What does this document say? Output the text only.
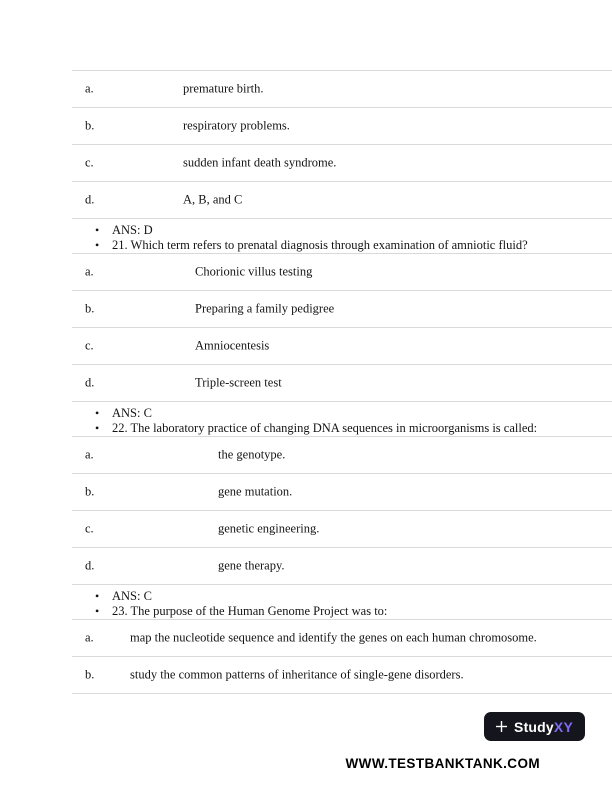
a.	premature birth.
b.	respiratory problems.
c.	sudden infant death syndrome.
d.	A, B, and C
• ANS: D
• 21. Which term refers to prenatal diagnosis through examination of amniotic fluid?
a.	Chorionic villus testing
b.	Preparing a family pedigree
c.	Amniocentesis
d.	Triple-screen test
• ANS: C
• 22. The laboratory practice of changing DNA sequences in microorganisms is called:
a.	the genotype.
b.	gene mutation.
c.	genetic engineering.
d.	gene therapy.
• ANS: C
• 23. The purpose of the Human Genome Project was to:
a.	map the nucleotide sequence and identify the genes on each human chromosome.
b.	study the common patterns of inheritance of single-gene disorders.
StudyXY
WWW.TESTBANKTANK.COM
